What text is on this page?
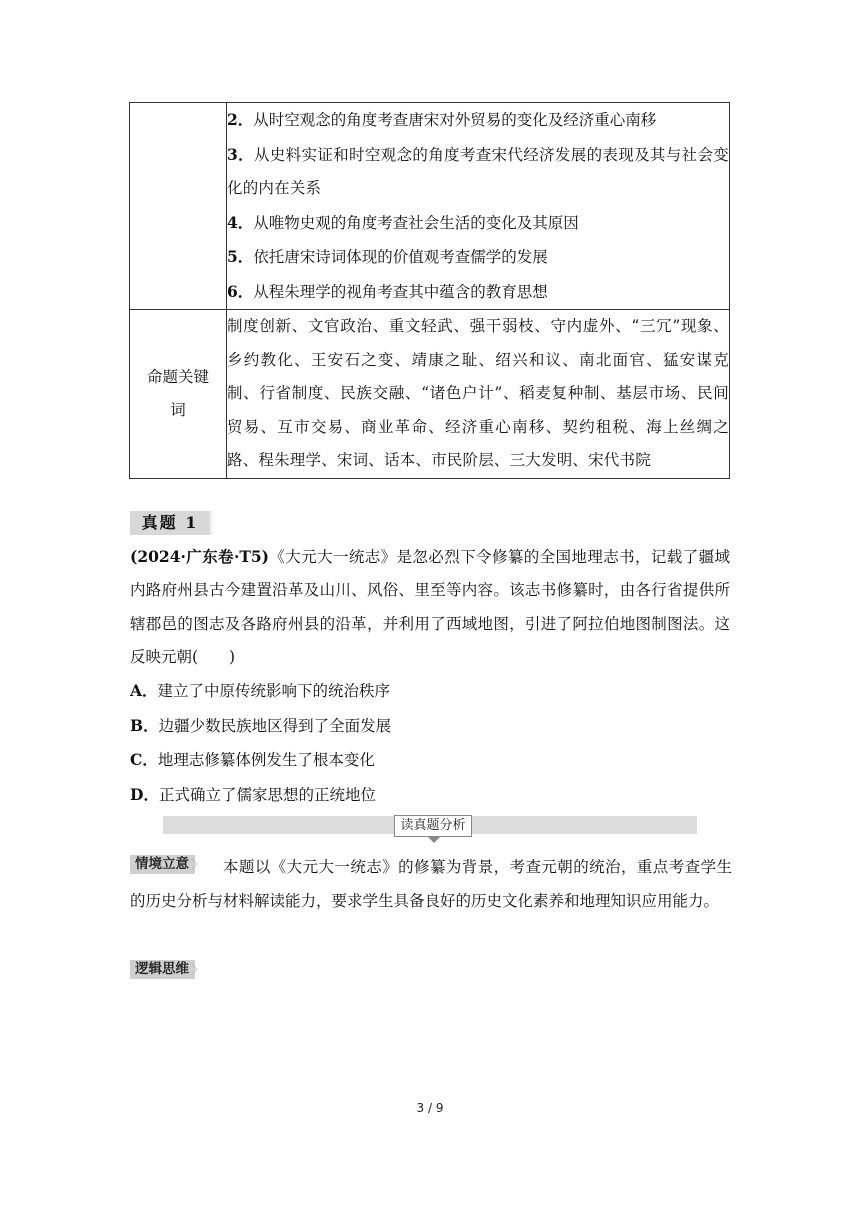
	2．从时空观念的角度考查唐宋对外贸易的变化及经济重心南移
3．从史料实证和时空观念的角度考查宋代经济发展的表现及其与社会变化的内在关系
4．从唯物史观的角度考查社会生活的变化及其原因
5．依托唐宋诗词体现的价值观考查儒学的发展
6．从程朱理学的视角考查其中蕴含的教育思想

命题关键词	制度创新、文官政治、重文轻武、强干弱枝、守内虚外、“三冗”现象、乡约教化、王安石之变、靖康之耻、绍兴和议、南北面官、猛安谋克制、行省制度、民族交融、“诸色户计”、稻麦复种制、基层市场、民间贸易、互市交易、商业革命、经济重心南移、契约租税、海上丝绸之路、程朱理学、宋词、话本、市民阶层、三大发明、宋代书院
真题 1
(2024·广东卷·T5)《大元大一统志》是忽必烈下令修纂的全国地理志书，记载了疆域内路府州县古今建置沿革及山川、风俗、里至等内容。该志书修纂时，由各行省提供所辖郡邑的图志及各路府州县的沿革，并利用了西域地图，引进了阿拉伯地图制图法。这反映元朝(　　)
A．建立了中原传统影响下的统治秩序
B．边疆少数民族地区得到了全面发展
C．地理志修纂体例发生了根本变化
D．正式确立了儒家思想的正统地位
读真题分析
本题以《大元大一统志》的修纂为背景，考查元朝的统治，重点考查学生的历史分析与材料解读能力，要求学生具备良好的历史文化素养和地理知识应用能力。
情境立意 〉
逻辑思维 〉
3 / 9
